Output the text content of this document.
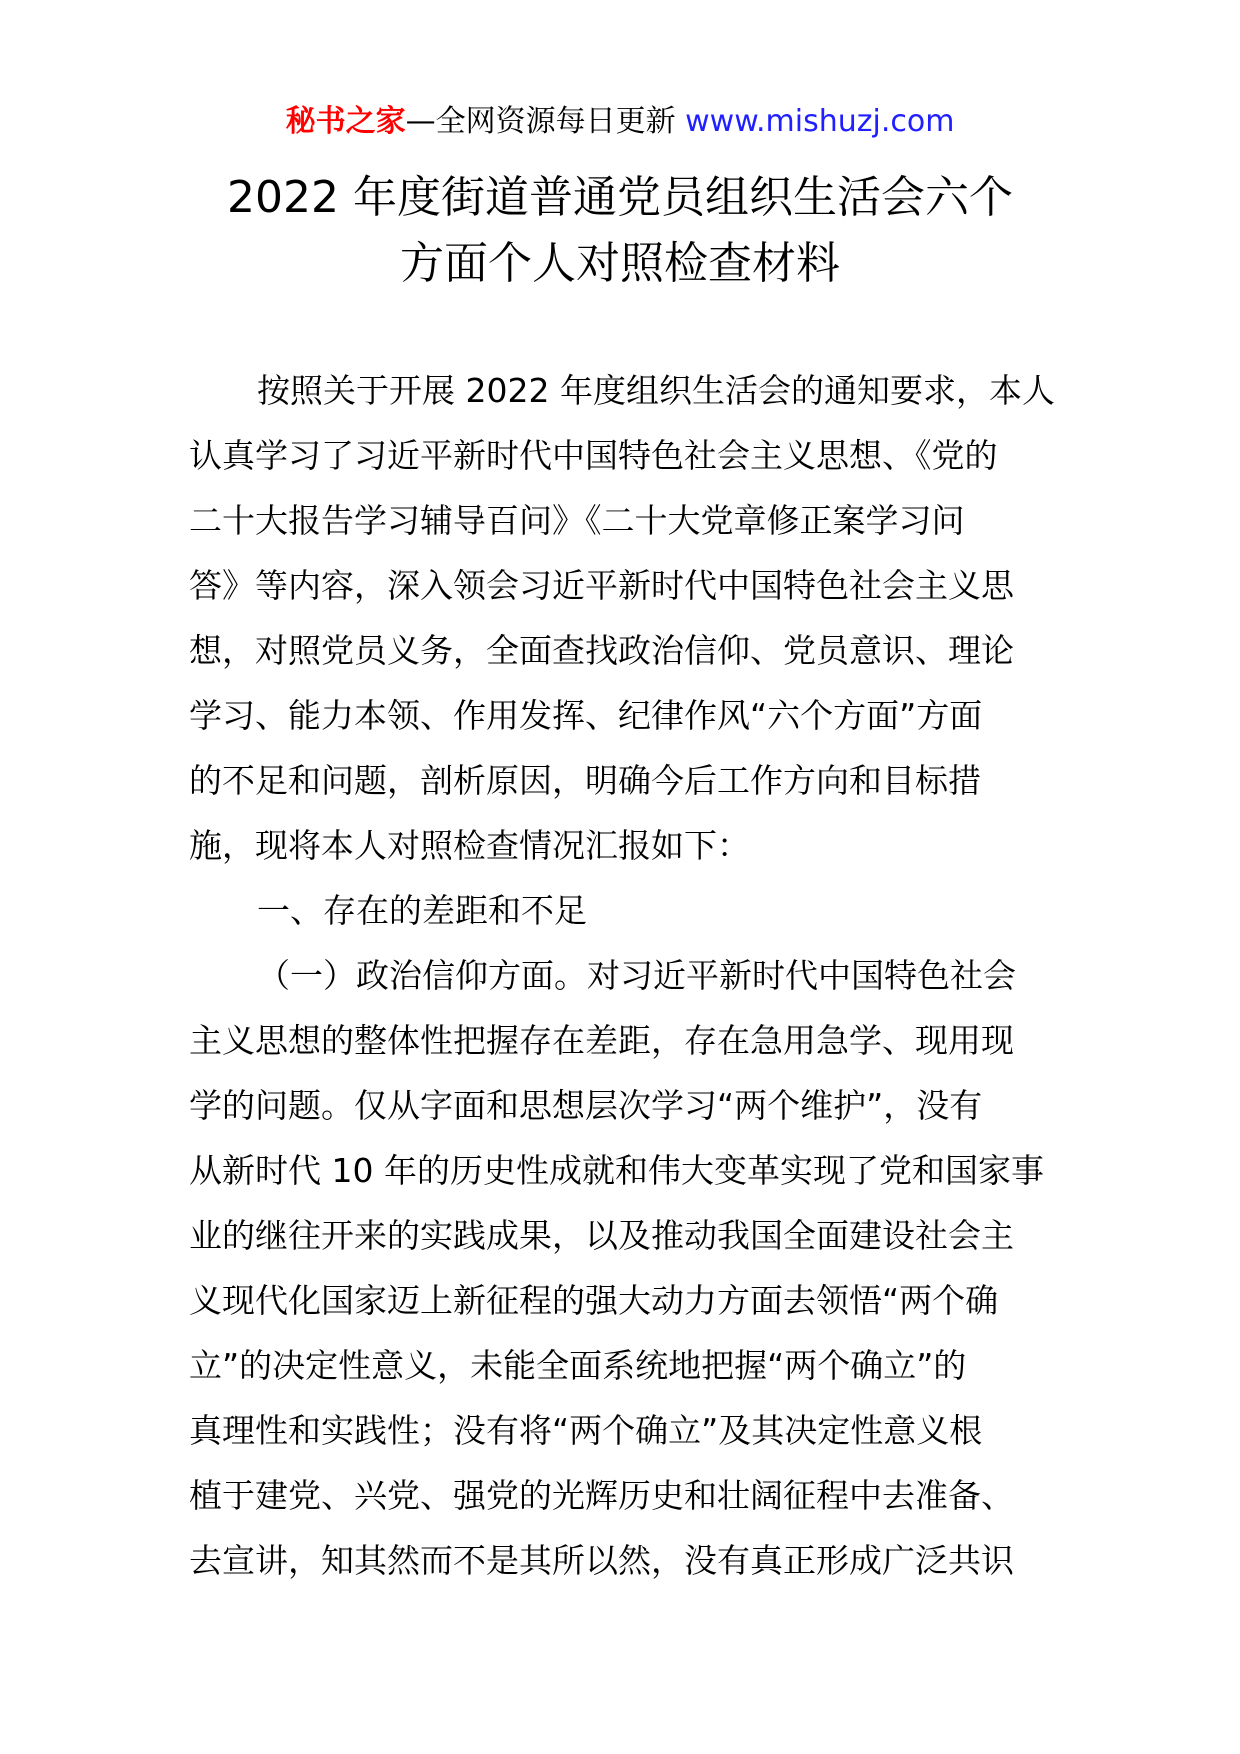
秘书之家—全网资源每日更新 www.mishuzj.com
2022 年度街道普通党员组织生活会六个
方面个人对照检查材料
按照关于开展 2022 年度组织生活会的通知要求，本人
认真学习了习近平新时代中国特色社会主义思想、《党的
二十大报告学习辅导百问》《二十大党章修正案学习问
答》等内容，深入领会习近平新时代中国特色社会主义思
想，对照党员义务，全面查找政治信仰、党员意识、理论
学习、能力本领、作用发挥、纪律作风“六个方面”方面
的不足和问题，剖析原因，明确今后工作方向和目标措
施，现将本人对照检查情况汇报如下：
一、存在的差距和不足
（一）政治信仰方面。对习近平新时代中国特色社会
主义思想的整体性把握存在差距，存在急用急学、现用现
学的问题。仅从字面和思想层次学习“两个维护”，没有
从新时代 10 年的历史性成就和伟大变革实现了党和国家事
业的继往开来的实践成果，以及推动我国全面建设社会主
义现代化国家迈上新征程的强大动力方面去领悟“两个确
立”的决定性意义，未能全面系统地把握“两个确立”的
真理性和实践性；没有将“两个确立”及其决定性意义根
植于建党、兴党、强党的光辉历史和壮阔征程中去准备、
去宣讲，知其然而不是其所以然，没有真正形成广泛共识
